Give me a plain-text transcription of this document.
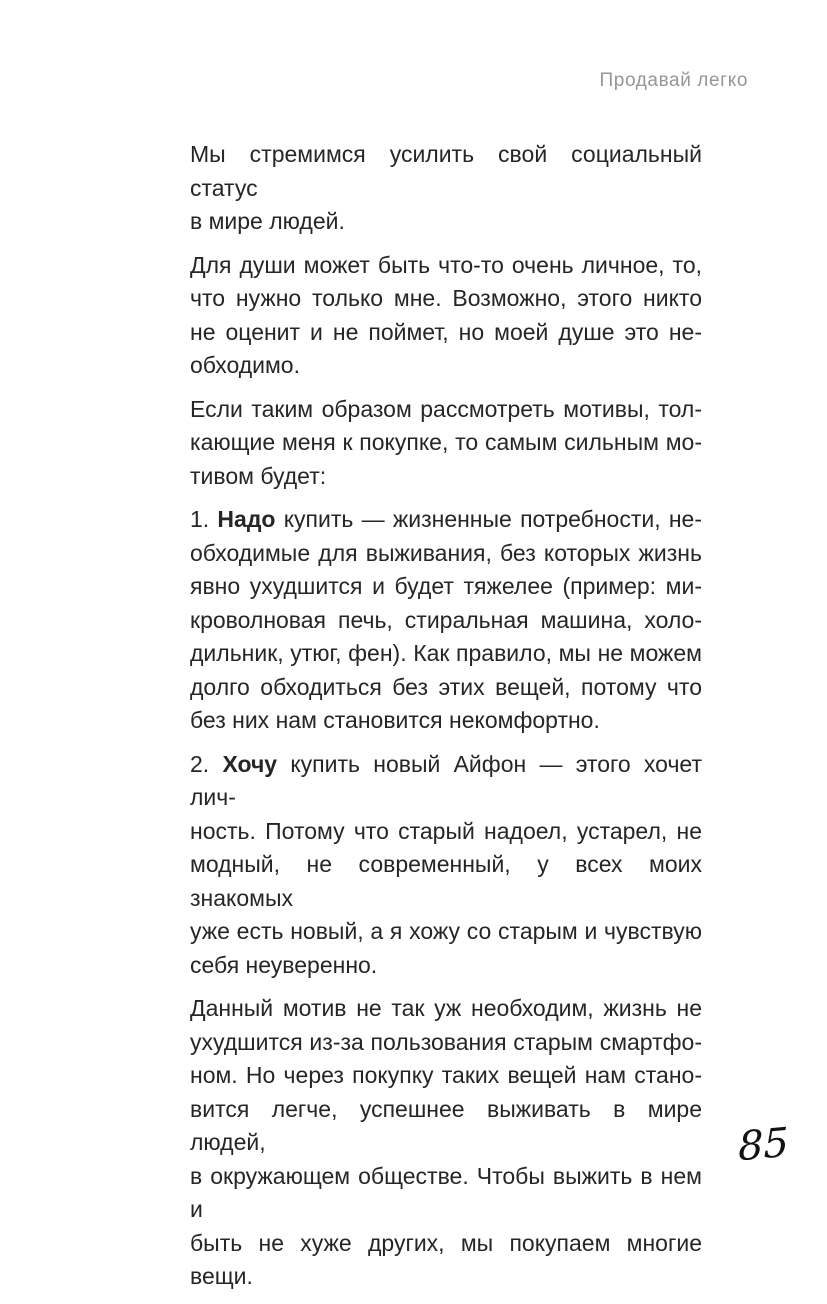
Продавай легко
Мы стремимся усилить свой социальный статус
в мире людей.
Для души может быть что-то очень личное, то,
что нужно только мне. Возможно, этого никто
не оценит и не поймет, но моей душе это не-
обходимо.
Если таким образом рассмотреть мотивы, тол-
кающие меня к покупке, то самым сильным мо-
тивом будет:
1. Надо купить — жизненные потребности, не-
обходимые для выживания, без которых жизнь
явно ухудшится и будет тяжелее (пример: ми-
кроволновая печь, стиральная машина, холо-
дильник, утюг, фен). Как правило, мы не можем
долго обходиться без этих вещей, потому что
без них нам становится некомфортно.
2. Хочу купить новый Айфон — этого хочет лич-
ность. Потому что старый надоел, устарел, не
модный, не современный, у всех моих знакомых
уже есть новый, а я хожу со старым и чувствую
себя неуверенно.
Данный мотив не так уж необходим, жизнь не
ухудшится из-за пользования старым смартфо-
ном. Но через покупку таких вещей нам стано-
вится легче, успешнее выживать в мире людей,
в окружающем обществе. Чтобы выжить в нем и
быть не хуже других, мы покупаем многие вещи.
85
